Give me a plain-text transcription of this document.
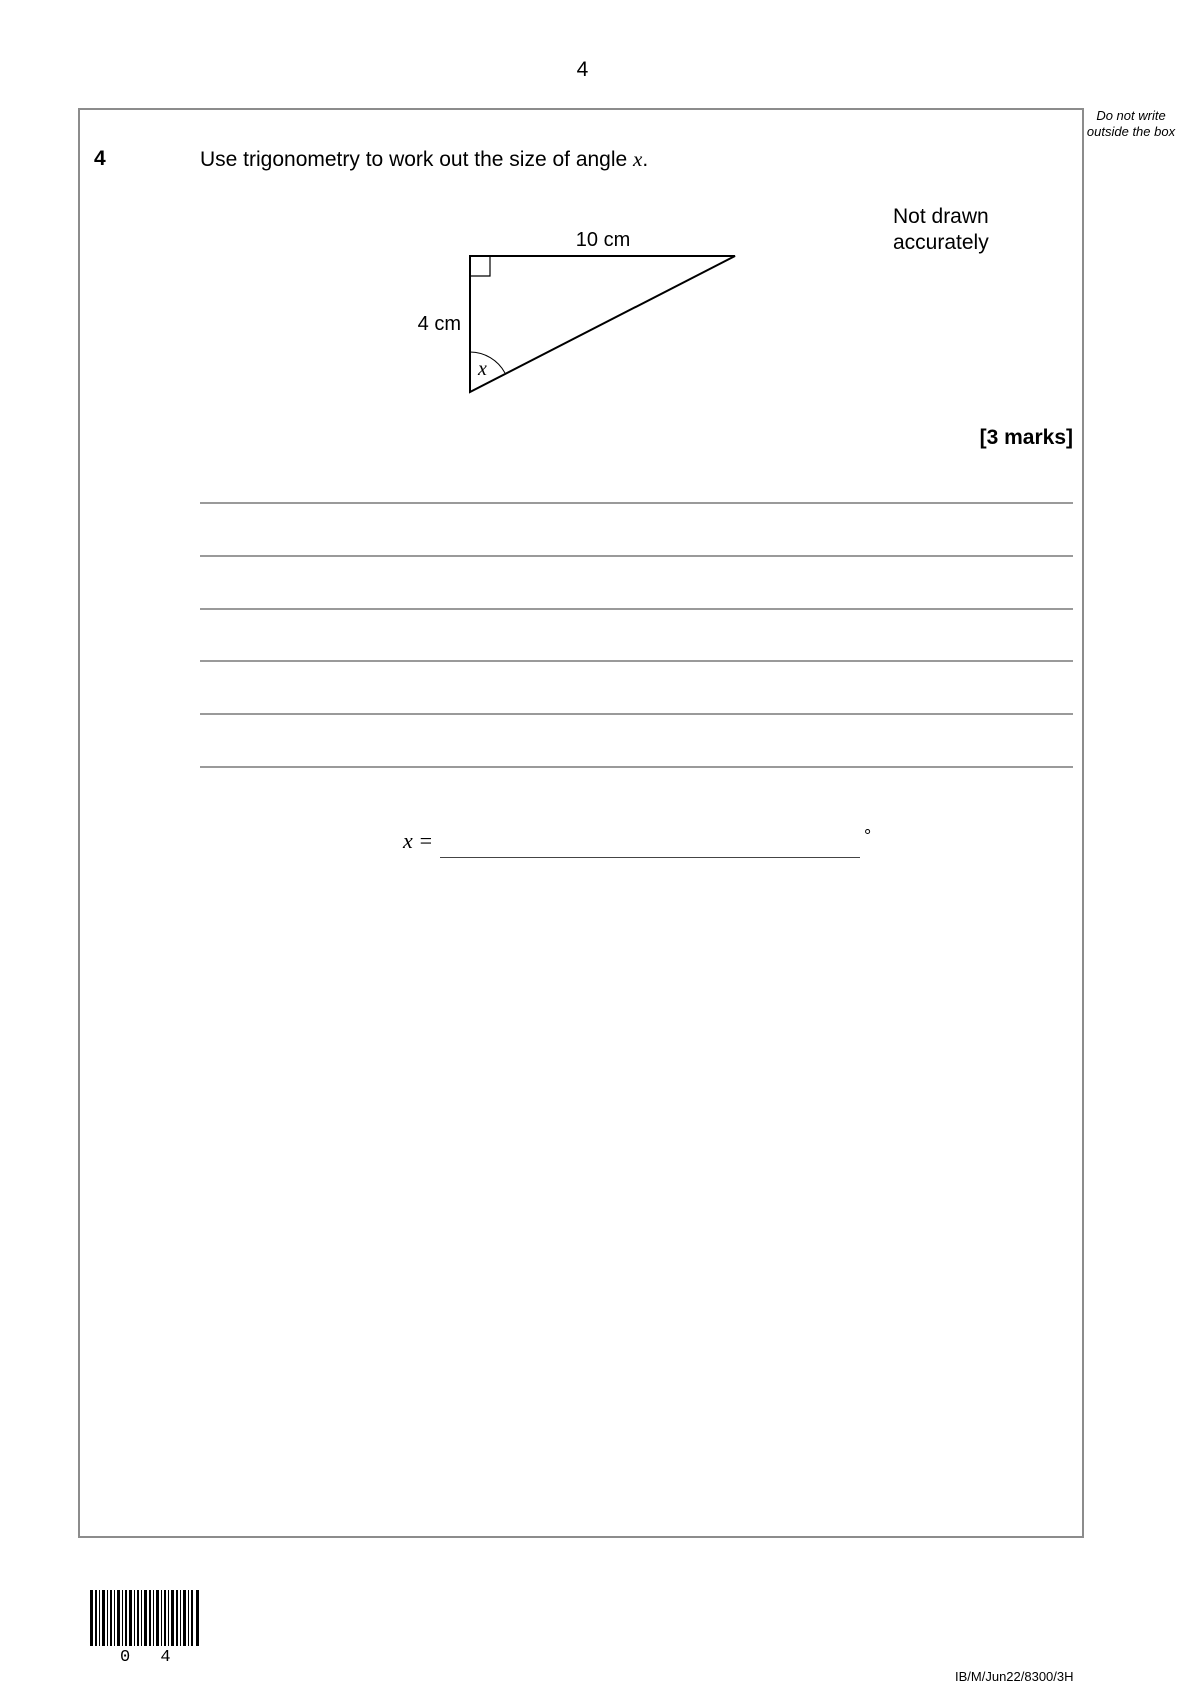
4
Do not write outside the box
4	Use trigonometry to work out the size of angle x.
Not drawn
accurately
10 cm
4 cm
x
[3 marks]
x =	°
0 4
IB/M/Jun22/8300/3H
